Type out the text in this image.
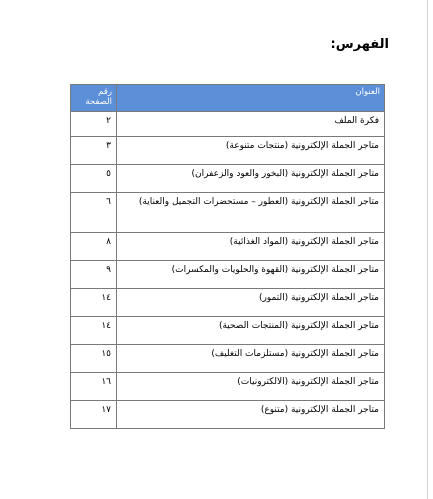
الفهرس:
العنوان	رقم الصفحة
فكرة الملف	٢
متاجر الجملة الإلكترونية (منتجات متنوعة)	٣
متاجر الجملة الإلكترونية (البخور والعود والزعفران)	٥
متاجر الجملة الإلكترونية (العطور – مستحضرات التجميل والعناية)	٦
متاجر الجملة الإلكترونية (المواد الغذائية)	٨
متاجر الجملة الإلكترونية (القهوة والحلويات والمكسرات)	٩
متاجر الجملة الإلكترونية (التمور)	١٤
متاجر الجملة الإلكترونية (المنتجات الصحية)	١٤
متاجر الجملة الإلكترونية (مستلزمات التغليف)	١٥
متاجر الجملة الإلكترونية (الالكترونيات)	١٦
متاجر الجملة الإلكترونية (متنوع)	١٧
